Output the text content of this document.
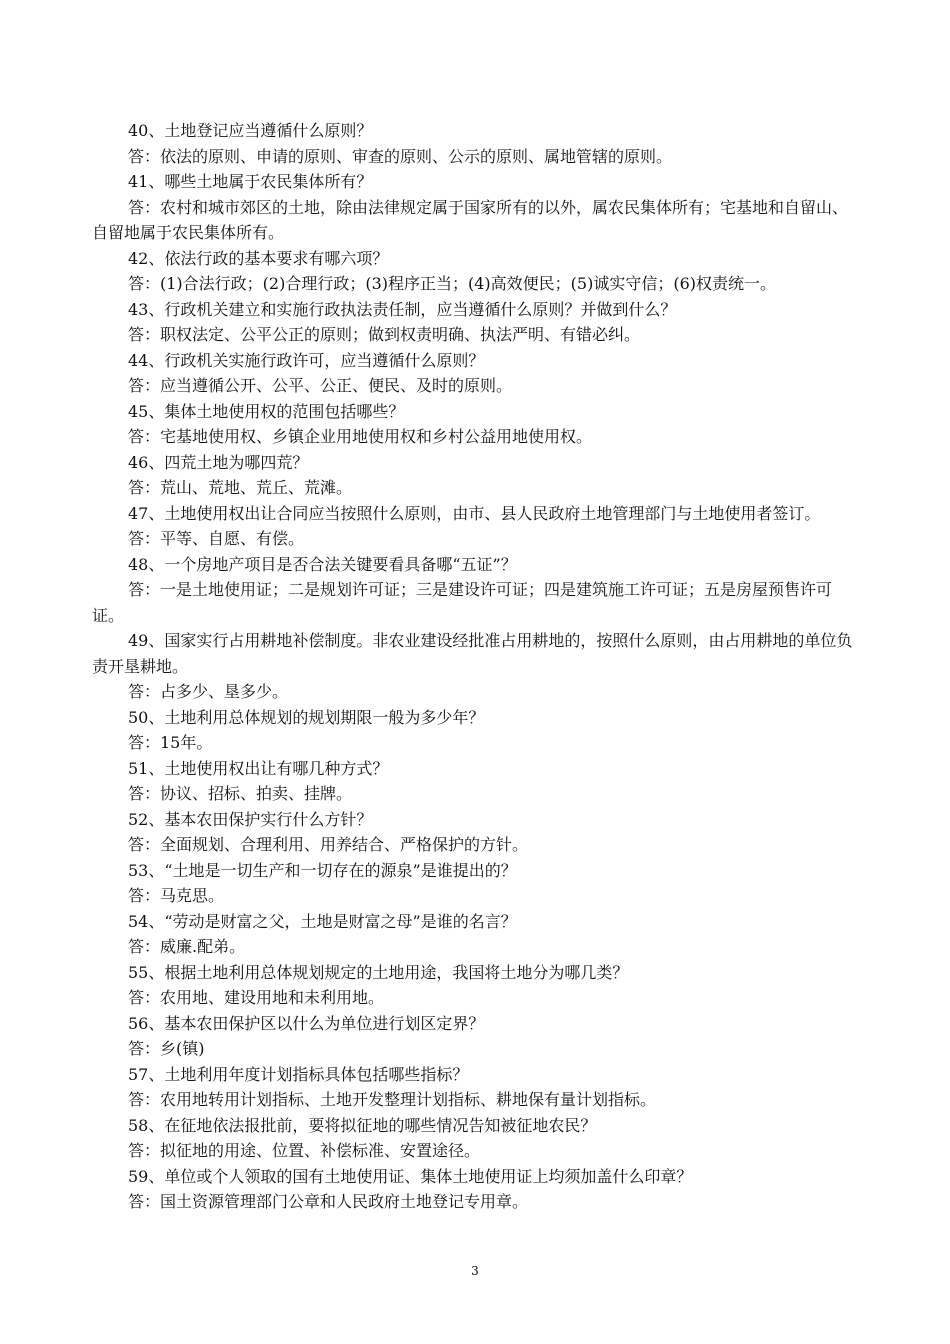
40、土地登记应当遵循什么原则？

答：依法的原则、申请的原则、审查的原则、公示的原则、属地管辖的原则。

41、哪些土地属于农民集体所有？

答：农村和城市郊区的土地，除由法律规定属于国家所有的以外，属农民集体所有；宅基地和自留山、自留地属于农民集体所有。

42、依法行政的基本要求有哪六项？

答：(1)合法行政；(2)合理行政；(3)程序正当；(4)高效便民；(5)诚实守信；(6)权责统一。

43、行政机关建立和实施行政执法责任制，应当遵循什么原则？并做到什么？

答：职权法定、公平公正的原则；做到权责明确、执法严明、有错必纠。

44、行政机关实施行政许可，应当遵循什么原则？

答：应当遵循公开、公平、公正、便民、及时的原则。

45、集体土地使用权的范围包括哪些？

答：宅基地使用权、乡镇企业用地使用权和乡村公益用地使用权。

46、四荒土地为哪四荒？

答：荒山、荒地、荒丘、荒滩。

47、土地使用权出让合同应当按照什么原则，由市、县人民政府土地管理部门与土地使用者签订。

答：平等、自愿、有偿。

48、一个房地产项目是否合法关键要看具备哪“五证”？

答：一是土地使用证；二是规划许可证；三是建设许可证；四是建筑施工许可证；五是房屋预售许可证。

49、国家实行占用耕地补偿制度。非农业建设经批准占用耕地的，按照什么原则，由占用耕地的单位负责开垦耕地。

答：占多少、垦多少。

50、土地利用总体规划的规划期限一般为多少年？

答：15年。

51、土地使用权出让有哪几种方式？

答：协议、招标、拍卖、挂牌。

52、基本农田保护实行什么方针？

答：全面规划、合理利用、用养结合、严格保护的方针。

53、“土地是一切生产和一切存在的源泉”是谁提出的？

答：马克思。

54、“劳动是财富之父，土地是财富之母”是谁的名言？

答：威廉.配弟。

55、根据土地利用总体规划规定的土地用途，我国将土地分为哪几类？

答：农用地、建设用地和未利用地。

56、基本农田保护区以什么为单位进行划区定界？

答：乡(镇)

57、土地利用年度计划指标具体包括哪些指标？

答：农用地转用计划指标、土地开发整理计划指标、耕地保有量计划指标。

58、在征地依法报批前，要将拟征地的哪些情况告知被征地农民？

答：拟征地的用途、位置、补偿标准、安置途径。

59、单位或个人领取的国有土地使用证、集体土地使用证上均须加盖什么印章？

答：国土资源管理部门公章和人民政府土地登记专用章。

3
